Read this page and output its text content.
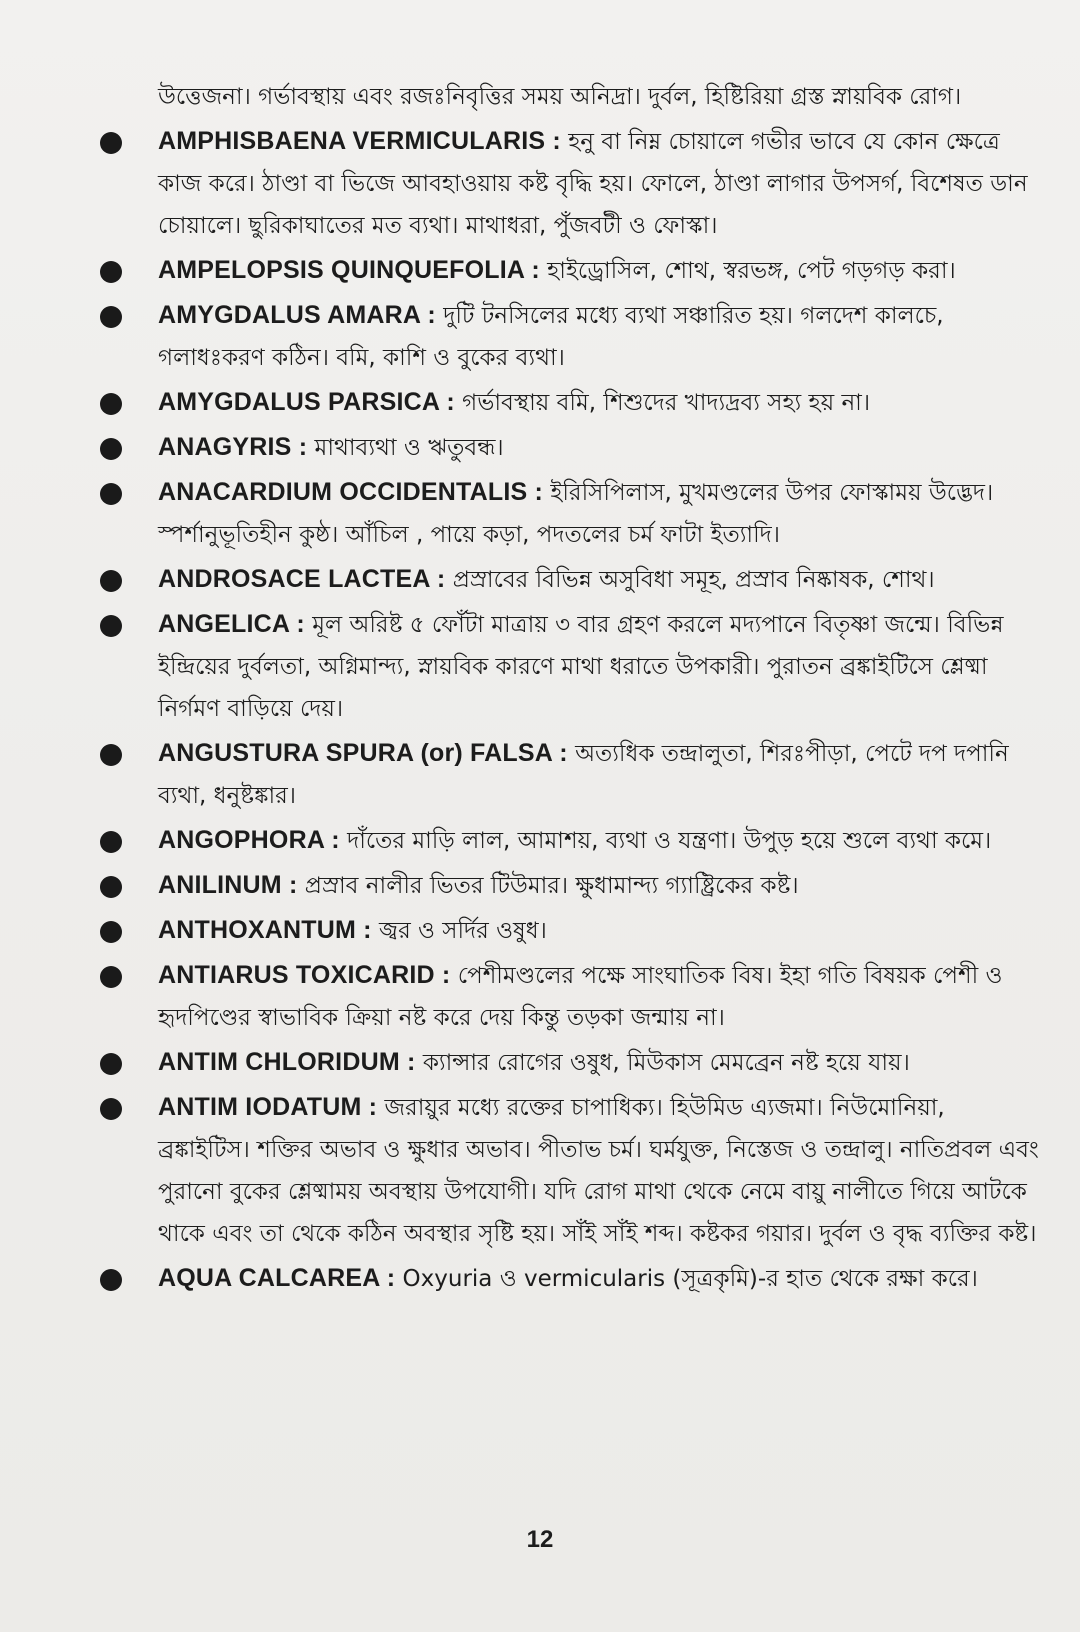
উত্তেজনা। গর্ভাবস্থায় এবং রজঃনিবৃত্তির সময় অনিদ্রা। দুর্বল, হিষ্টিরিয়া গ্রস্ত স্নায়বিক রোগ।

AMPHISBAENA VERMICULARIS : হনু বা নিম্ন চোয়ালে গভীর ভাবে যে কোন ক্ষেত্রে কাজ করে। ঠাণ্ডা বা ভিজে আবহাওয়ায় কষ্ট বৃদ্ধি হয়। ফোলে, ঠাণ্ডা লাগার উপসর্গ, বিশেষত ডান চোয়ালে। ছুরিকাঘাতের মত ব্যথা। মাথাধরা, পুঁজবটী ও ফোস্কা।

AMPELOPSIS QUINQUEFOLIA : হাইড্রোসিল, শোথ, স্বরভঙ্গ, পেট গড়গড় করা।

AMYGDALUS AMARA : দুটি টনসিলের মধ্যে ব্যথা সঞ্চারিত হয়। গলদেশ কালচে, গলাধঃকরণ কঠিন। বমি, কাশি ও বুকের ব্যথা।

AMYGDALUS PARSICA : গর্ভাবস্থায় বমি, শিশুদের খাদ্যদ্রব্য সহ্য হয় না।

ANAGYRIS : মাথাব্যথা ও ঋতুবন্ধ।

ANACARDIUM OCCIDENTALIS : ইরিসিপিলাস, মুখমণ্ডলের উপর ফোস্কাময় উদ্ভেদ। স্পর্শানুভূতিহীন কুষ্ঠ। আঁচিল , পায়ে কড়া, পদতলের চর্ম ফাটা ইত্যাদি।

ANDROSACE LACTEA : প্রস্রাবের বিভিন্ন অসুবিধা সমূহ, প্রস্রাব নিষ্কাষক, শোথ।

ANGELICA : মূল অরিষ্ট ৫ ফোঁটা মাত্রায় ৩ বার গ্রহণ করলে মদ্যপানে বিতৃষ্ণা জন্মে। বিভিন্ন ইন্দ্রিয়ের দুর্বলতা, অগ্নিমান্দ্য, স্নায়বিক কারণে মাথা ধরাতে উপকারী। পুরাতন ব্রঙ্কাইটিসে শ্লেষ্মা নির্গমণ বাড়িয়ে দেয়।

ANGUSTURA SPURA (or) FALSA : অত্যধিক তন্দ্রালুতা, শিরঃপীড়া, পেটে দপ দপানি ব্যথা, ধনুষ্টঙ্কার।

ANGOPHORA : দাঁতের মাড়ি লাল, আমাশয়, ব্যথা ও যন্ত্রণা। উপুড় হয়ে শুলে ব্যথা কমে।

ANILINUM : প্রস্রাব নালীর ভিতর টিউমার। ক্ষুধামান্দ্য গ্যাষ্ট্রিকের কষ্ট।

ANTHOXANTUM : জ্বর ও সর্দির ওষুধ।

ANTIARUS TOXICARID : পেশীমণ্ডলের পক্ষে সাংঘাতিক বিষ। ইহা গতি বিষয়ক পেশী ও হৃদপিণ্ডের স্বাভাবিক ক্রিয়া নষ্ট করে দেয় কিন্তু তড়কা জন্মায় না।

ANTIM CHLORIDUM : ক্যান্সার রোগের ওষুধ, মিউকাস মেমব্রেন নষ্ট হয়ে যায়।

ANTIM IODATUM : জরায়ুর মধ্যে রক্তের চাপাধিক্য। হিউমিড এ্যজমা। নিউমোনিয়া, ব্রঙ্কাইটিস। শক্তির অভাব ও ক্ষুধার অভাব। পীতাভ চর্ম। ঘর্মযুক্ত, নিস্তেজ ও তন্দ্রালু। নাতিপ্রবল এবং পুরানো বুকের শ্লেষ্মাময় অবস্থায় উপযোগী। যদি রোগ মাথা থেকে নেমে বায়ু নালীতে গিয়ে আটকে থাকে এবং তা থেকে কঠিন অবস্থার সৃষ্টি হয়। সাঁই সাঁই শব্দ। কষ্টকর গয়ার। দুর্বল ও বৃদ্ধ ব্যক্তির কষ্ট।

AQUA CALCAREA : Oxyuria ও vermicularis (সূত্রকৃমি)-র হাত থেকে রক্ষা করে।

12
